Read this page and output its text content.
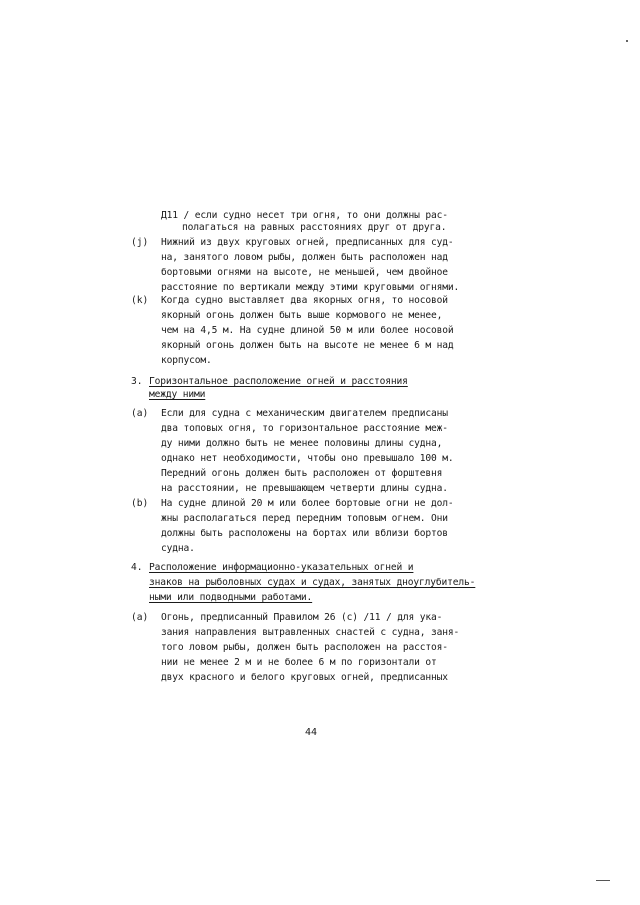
Д11 / если судно несет три огня, то они должны рас-
полагаться на равных расстояниях друг от друга.
(j) Нижний из двух круговых огней, предписанных для суд-
на, занятого ловом рыбы, должен быть расположен над
бортовыми огнями на высоте, не меньшей, чем двойное
расстояние по вертикали между этими круговыми огнями.
(k) Когда судно выставляет два якорных огня, то носовой
якорный огонь должен быть выше кормового не менее,
чем на 4,5 м. На судне длиной 50 м или более носовой
якорный огонь должен быть на высоте не менее 6 м над
корпусом.
3. Горизонтальное расположение огней и расстояния
между ними
(a) Если для судна с механическим двигателем предписаны
два топовых огня, то горизонтальное расстояние меж-
ду ними должно быть не менее половины длины судна,
однако нет необходимости, чтобы оно превышало 100 м.
Передний огонь должен быть расположен от форштевня
на расстоянии, не превышающем четверти длины судна.
(b) На судне длиной 20 м или более бортовые огни не дол-
жны располагаться перед передним топовым огнем. Они
должны быть расположены на бортах или вблизи бортов
судна.
4. Расположение информационно-указательных огней и
знаков на рыболовных судах и судах, занятых дноуглубитель-
ными или подводными работами.
(a) Огонь, предписанный Правилом 26 (с) /11 / для ука-
зания направления вытравленных снастей с судна, заня-
того ловом рыбы, должен быть расположен на расстоя-
нии не менее 2 м и не более 6 м по горизонтали от
двух красного и белого круговых огней, предписанных
44
